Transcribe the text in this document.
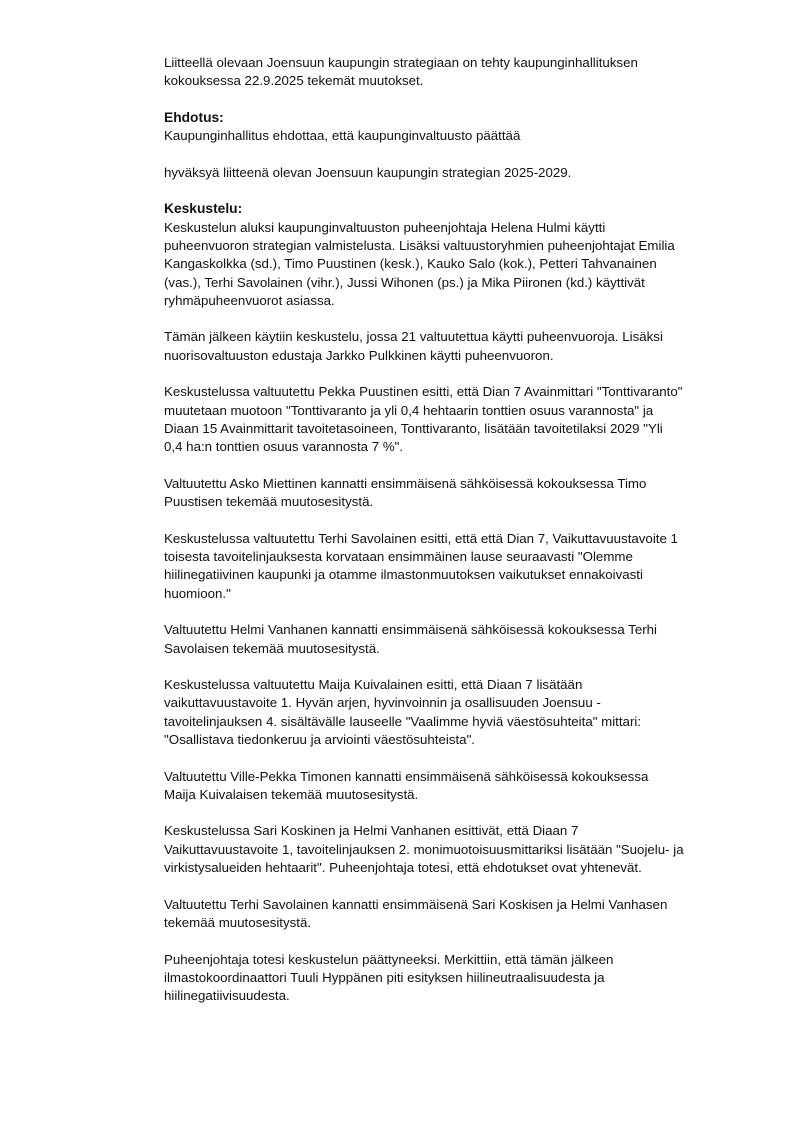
Liitteellä olevaan Joensuun kaupungin strategiaan on tehty kaupunginhallituksen
kokouksessa 22.9.2025 tekemät muutokset.

Ehdotus:

Kaupunginhallitus ehdottaa, että kaupunginvaltuusto päättää

hyväksyä liitteenä olevan Joensuun kaupungin strategian 2025-2029.

Keskustelu:

Keskustelun aluksi kaupunginvaltuuston puheenjohtaja Helena Hulmi käytti
puheenvuoron strategian valmistelusta. Lisäksi valtuustoryhmien puheenjohtajat Emilia
Kangaskolkka (sd.), Timo Puustinen (kesk.), Kauko Salo (kok.), Petteri Tahvanainen
(vas.), Terhi Savolainen (vihr.), Jussi Wihonen (ps.) ja Mika Piironen (kd.) käyttivät
ryhmäpuheenvuorot asiassa.

Tämän jälkeen käytiin keskustelu, jossa 21 valtuutettua käytti puheenvuoroja. Lisäksi
nuorisovaltuuston edustaja Jarkko Pulkkinen käytti puheenvuoron.

Keskustelussa valtuutettu Pekka Puustinen esitti, että Dian 7 Avainmittari "Tonttivaranto"
muutetaan muotoon "Tonttivaranto ja yli 0,4 hehtaarin tonttien osuus varannosta" ja
Diaan 15 Avainmittarit tavoitetasoineen, Tonttivaranto, lisätään tavoitetilaksi 2029 "Yli
0,4 ha:n tonttien osuus varannosta 7 %".

Valtuutettu Asko Miettinen kannatti ensimmäisenä sähköisessä kokouksessa Timo
Puustisen tekemää muutosesitystä.

Keskustelussa valtuutettu Terhi Savolainen esitti, että että Dian 7, Vaikuttavuustavoite 1
toisesta tavoitelinjauksesta korvataan ensimmäinen lause seuraavasti "Olemme
hiilinegatiivinen kaupunki ja otamme ilmastonmuutoksen vaikutukset ennakoivasti
huomioon."

Valtuutettu Helmi Vanhanen kannatti ensimmäisenä sähköisessä kokouksessa Terhi
Savolaisen tekemää muutosesitystä.

Keskustelussa valtuutettu Maija Kuivalainen esitti, että Diaan 7 lisätään
vaikuttavuustavoite 1. Hyvän arjen, hyvinvoinnin ja osallisuuden Joensuu -
tavoitelinjauksen 4. sisältävälle lauseelle "Vaalimme hyviä väestösuhteita" mittari:
"Osallistava tiedonkeruu ja arviointi väestösuhteista".

Valtuutettu Ville-Pekka Timonen kannatti ensimmäisenä sähköisessä kokouksessa
Maija Kuivalaisen tekemää muutosesitystä.

Keskustelussa Sari Koskinen ja Helmi Vanhanen esittivät, että Diaan 7
Vaikuttavuustavoite 1, tavoitelinjauksen 2. monimuotoisuusmittariksi lisätään "Suojelu- ja
virkistysalueiden hehtaarit". Puheenjohtaja totesi, että ehdotukset ovat yhtenevät.

Valtuutettu Terhi Savolainen kannatti ensimmäisenä Sari Koskisen ja Helmi Vanhasen
tekemää muutosesitystä.

Puheenjohtaja totesi keskustelun päättyneeksi. Merkittiin, että tämän jälkeen
ilmastokoordinaattori Tuuli Hyppänen piti esityksen hiilineutraalisuudesta ja
hiilinegatiivisuudesta.
